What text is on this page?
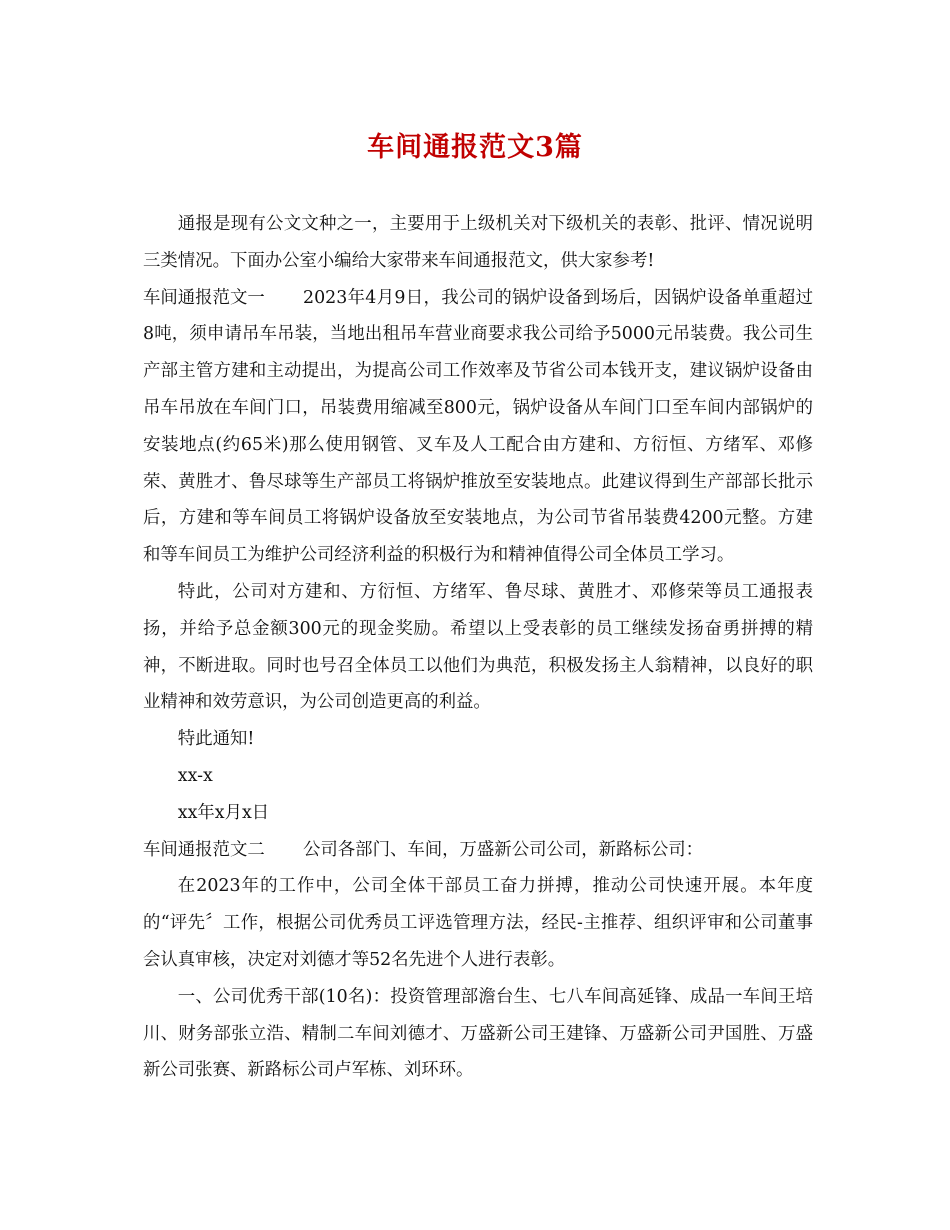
车间通报范文3篇

通报是现有公文文种之一，主要用于上级机关对下级机关的表彰、批评、情况说明三类情况。下面办公室小编给大家带来车间通报范文，供大家参考!

车间通报范文一 2023年4月9日，我公司的锅炉设备到场后，因锅炉设备单重超过8吨，须申请吊车吊装，当地出租吊车营业商要求我公司给予5000元吊装费。我公司生产部主管方建和主动提出，为提高公司工作效率及节省公司本钱开支，建议锅炉设备由吊车吊放在车间门口，吊装费用缩减至800元，锅炉设备从车间门口至车间内部锅炉的安装地点(约65米)那么使用钢管、叉车及人工配合由方建和、方衍恒、方绪军、邓修荣、黄胜才、鲁尽球等生产部员工将锅炉推放至安装地点。此建议得到生产部部长批示后，方建和等车间员工将锅炉设备放至安装地点，为公司节省吊装费4200元整。方建和等车间员工为维护公司经济利益的积极行为和精神值得公司全体员工学习。

特此，公司对方建和、方衍恒、方绪军、鲁尽球、黄胜才、邓修荣等员工通报表扬，并给予总金额300元的现金奖励。希望以上受表彰的员工继续发扬奋勇拼搏的精神，不断进取。同时也号召全体员工以他们为典范，积极发扬主人翁精神，以良好的职业精神和效劳意识，为公司创造更高的利益。

特此通知!

xx-x

xx年x月x日

车间通报范文二 公司各部门、车间，万盛新公司公司，新路标公司：

在2023年的工作中，公司全体干部员工奋力拼搏，推动公司快速开展。本年度的“评先〞工作，根据公司优秀员工评选管理方法，经民-主推荐、组织评审和公司董事会认真审核，决定对刘德才等52名先进个人进行表彰。

一、公司优秀干部(10名)：投资管理部澹台生、七八车间高延锋、成品一车间王培川、财务部张立浩、精制二车间刘德才、万盛新公司王建锋、万盛新公司尹国胜、万盛新公司张赛、新路标公司卢军栋、刘环环。
